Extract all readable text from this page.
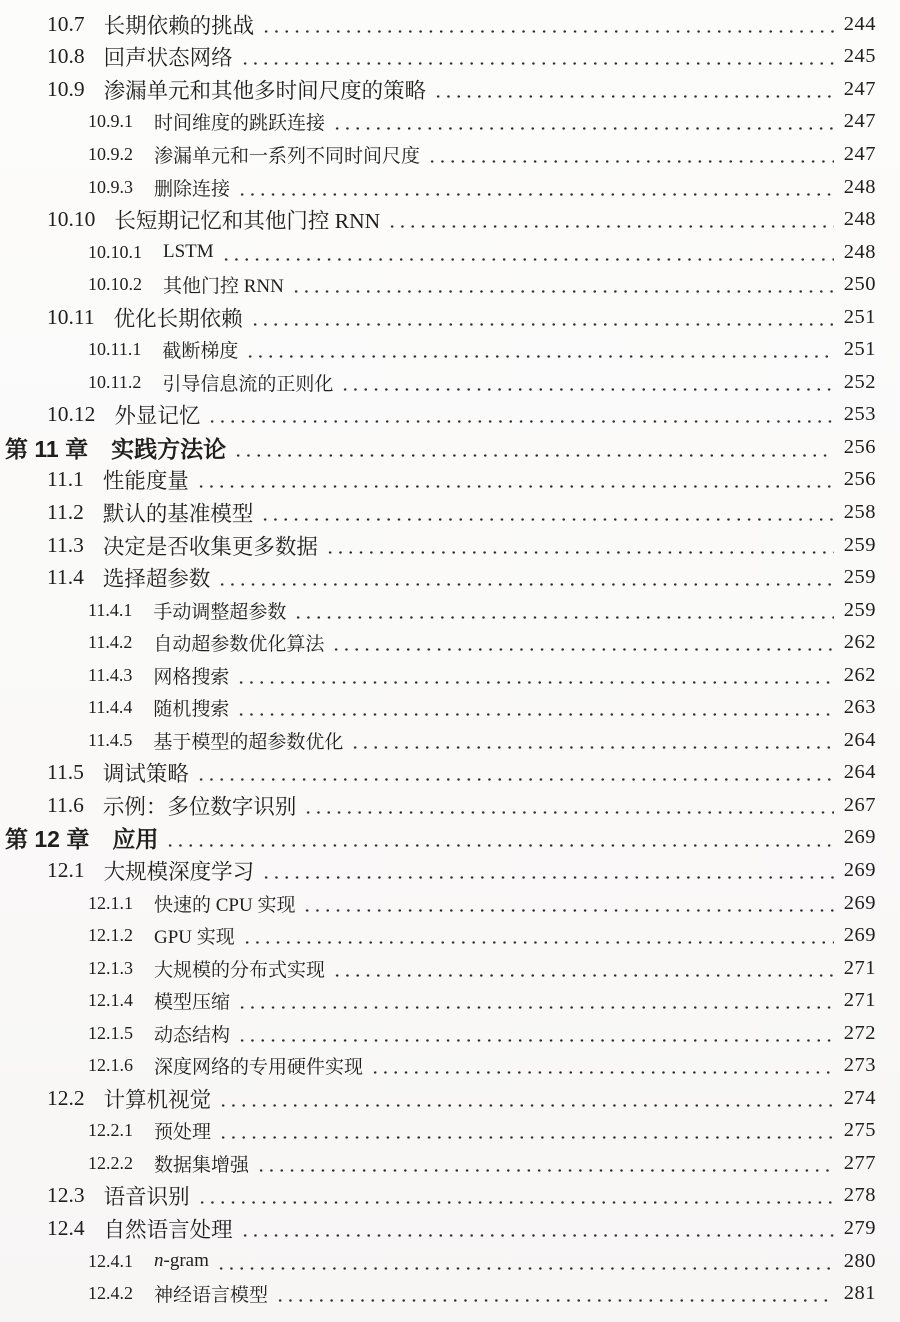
10.7 长期依赖的挑战	244
10.8 回声状态网络	245
10.9 渗漏单元和其他多时间尺度的策略	247
10.9.1 时间维度的跳跃连接	247
10.9.2 渗漏单元和一系列不同时间尺度	247
10.9.3 删除连接	248
10.10 长短期记忆和其他门控 RNN	248
10.10.1 LSTM	248
10.10.2 其他门控 RNN	250
10.11 优化长期依赖	251
10.11.1 截断梯度	251
10.11.2 引导信息流的正则化	252
10.12 外显记忆	253
第 11 章 实践方法论	256
11.1 性能度量	256
11.2 默认的基准模型	258
11.3 决定是否收集更多数据	259
11.4 选择超参数	259
11.4.1 手动调整超参数	259
11.4.2 自动超参数优化算法	262
11.4.3 网格搜索	262
11.4.4 随机搜索	263
11.4.5 基于模型的超参数优化	264
11.5 调试策略	264
11.6 示例：多位数字识别	267
第 12 章 应用	269
12.1 大规模深度学习	269
12.1.1 快速的 CPU 实现	269
12.1.2 GPU 实现	269
12.1.3 大规模的分布式实现	271
12.1.4 模型压缩	271
12.1.5 动态结构	272
12.1.6 深度网络的专用硬件实现	273
12.2 计算机视觉	274
12.2.1 预处理	275
12.2.2 数据集增强	277
12.3 语音识别	278
12.4 自然语言处理	279
12.4.1 n-gram	280
12.4.2 神经语言模型	281
